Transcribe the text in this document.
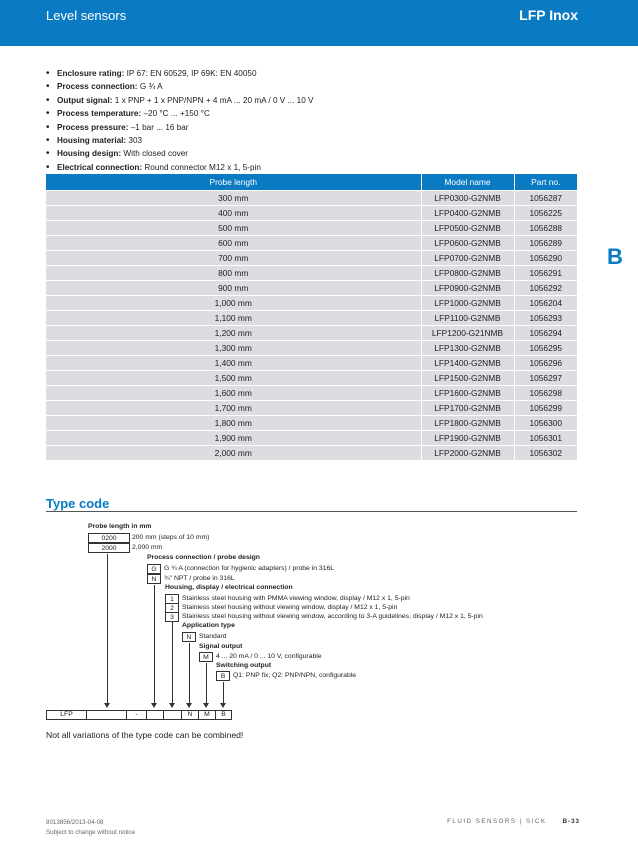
Level sensors	LFP Inox
• Enclosure rating: IP 67: EN 60529, IP 69K: EN 40050
• Process connection: G ¾ A
• Output signal: 1 x PNP + 1 x PNP/NPN + 4 mA ... 20 mA / 0 V ... 10 V
• Process temperature: –20 °C ... +150 °C
• Process pressure: –1 bar ... 16 bar
• Housing material: 303
• Housing design: With closed cover
• Electrical connection: Round connector M12 x 1, 5-pin
Probe length	Model name	Part no.
300 mm	LFP0300-G2NMB	1056287
400 mm	LFP0400-G2NMB	1056225
500 mm	LFP0500-G2NMB	1056288
600 mm	LFP0600-G2NMB	1056289
700 mm	LFP0700-G2NMB	1056290
800 mm	LFP0800-G2NMB	1056291
900 mm	LFP0900-G2NMB	1056292
1,000 mm	LFP1000-G2NMB	1056204
1,100 mm	LFP1100-G2NMB	1056293
1,200 mm	LFP1200-G21NMB	1056294
1,300 mm	LFP1300-G2NMB	1056295
1,400 mm	LFP1400-G2NMB	1056296
1,500 mm	LFP1500-G2NMB	1056297
1,600 mm	LFP1600-G2NMB	1056298
1,700 mm	LFP1700-G2NMB	1056299
1,800 mm	LFP1800-G2NMB	1056300
1,900 mm	LFP1900-G2NMB	1056301
2,000 mm	LFP2000-G2NMB	1056302
B
Type code
Probe length in mm
0200	200 mm (steps of 10 mm)
2000	2,000 mm
Process connection / probe design
G	G ¾ A (connection for hygienic adapters) / probe in 316L
N	¾" NPT / probe in 316L
Housing, display / electrical connection
1	Stainless steel housing with PMMA viewing window, display / M12 x 1, 5-pin
2	Stainless steel housing without viewing window, display / M12 x 1, 5-pin
3	Stainless steel housing without viewing window, according to 3-A guidelines, display / M12 x 1, 5-pin
Application type
N	Standard
Signal output
M	4 ... 20 mA / 0 ... 10 V, configurable
Switching output
B	Q1: PNP fix; Q2: PNP/NPN, configurable
LFP	-	N	M	B
Not all variations of the type code can be combined!
8013856/2013-04-08
Subject to change without notice
FLUID SENSORS | SICK	B-33
